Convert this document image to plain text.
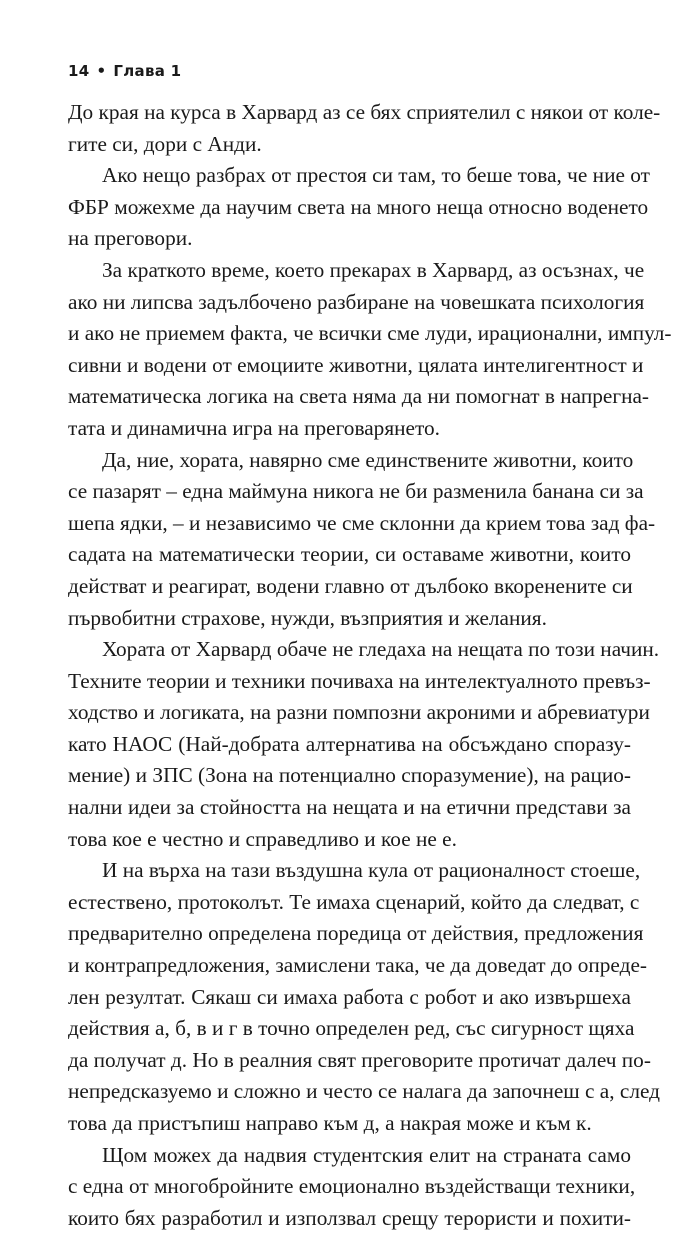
14 • Глава 1
До края на курса в Харвард аз се бях сприятелил с някои от коле-
гите си, дори с Анди.
Ако нещо разбрах от престоя си там, то беше това, че ние от
ФБР можехме да научим света на много неща относно воденето
на преговори.
За краткото време, което прекарах в Харвард, аз осъзнах, че
ако ни липсва задълбочено разбиране на човешката психология
и ако не приемем факта, че всички сме луди, ирационални, импул-
сивни и водени от емоциите животни, цялата интелигентност и
математическа логика на света няма да ни помогнат в напрегна-
тата и динамична игра на преговарянето.
Да, ние, хората, навярно сме единствените животни, които
се пазарят – една маймуна никога не би разменила банана си за
шепа ядки, – и независимо че сме склонни да крием това зад фа-
садата на математически теории, си оставаме животни, които
действат и реагират, водени главно от дълбоко вкоренените си
първобитни страхове, нужди, възприятия и желания.
Хората от Харвард обаче не гледаха на нещата по този начин.
Техните теории и техники почиваха на интелектуалното превъз-
ходство и логиката, на разни помпозни акроними и абревиатури
като НАОС (Най-добрата алтернатива на обсъждано споразу-
мение) и ЗПС (Зона на потенциално споразумение), на рацио-
нални идеи за стойността на нещата и на етични представи за
това кое е честно и справедливо и кое не е.
И на върха на тази въздушна кула от рационалност стоеше,
естествено, протоколът. Те имаха сценарий, който да следват, с
предварително определена поредица от действия, предложения
и контрапредложения, замислени така, че да доведат до опреде-
лен резултат. Сякаш си имаха работа с робот и ако извършеха
действия а, б, в и г в точно определен ред, със сигурност щяха
да получат д. Но в реалния свят преговорите протичат далеч по-
непредсказуемо и сложно и често се налага да започнеш с а, след
това да пристъпиш направо към д, а накрая може и към к.
Щом можех да надвия студентския елит на страната само
с една от многобройните емоционално въздействащи техники,
които бях разработил и използвал срещу терористи и похити-
